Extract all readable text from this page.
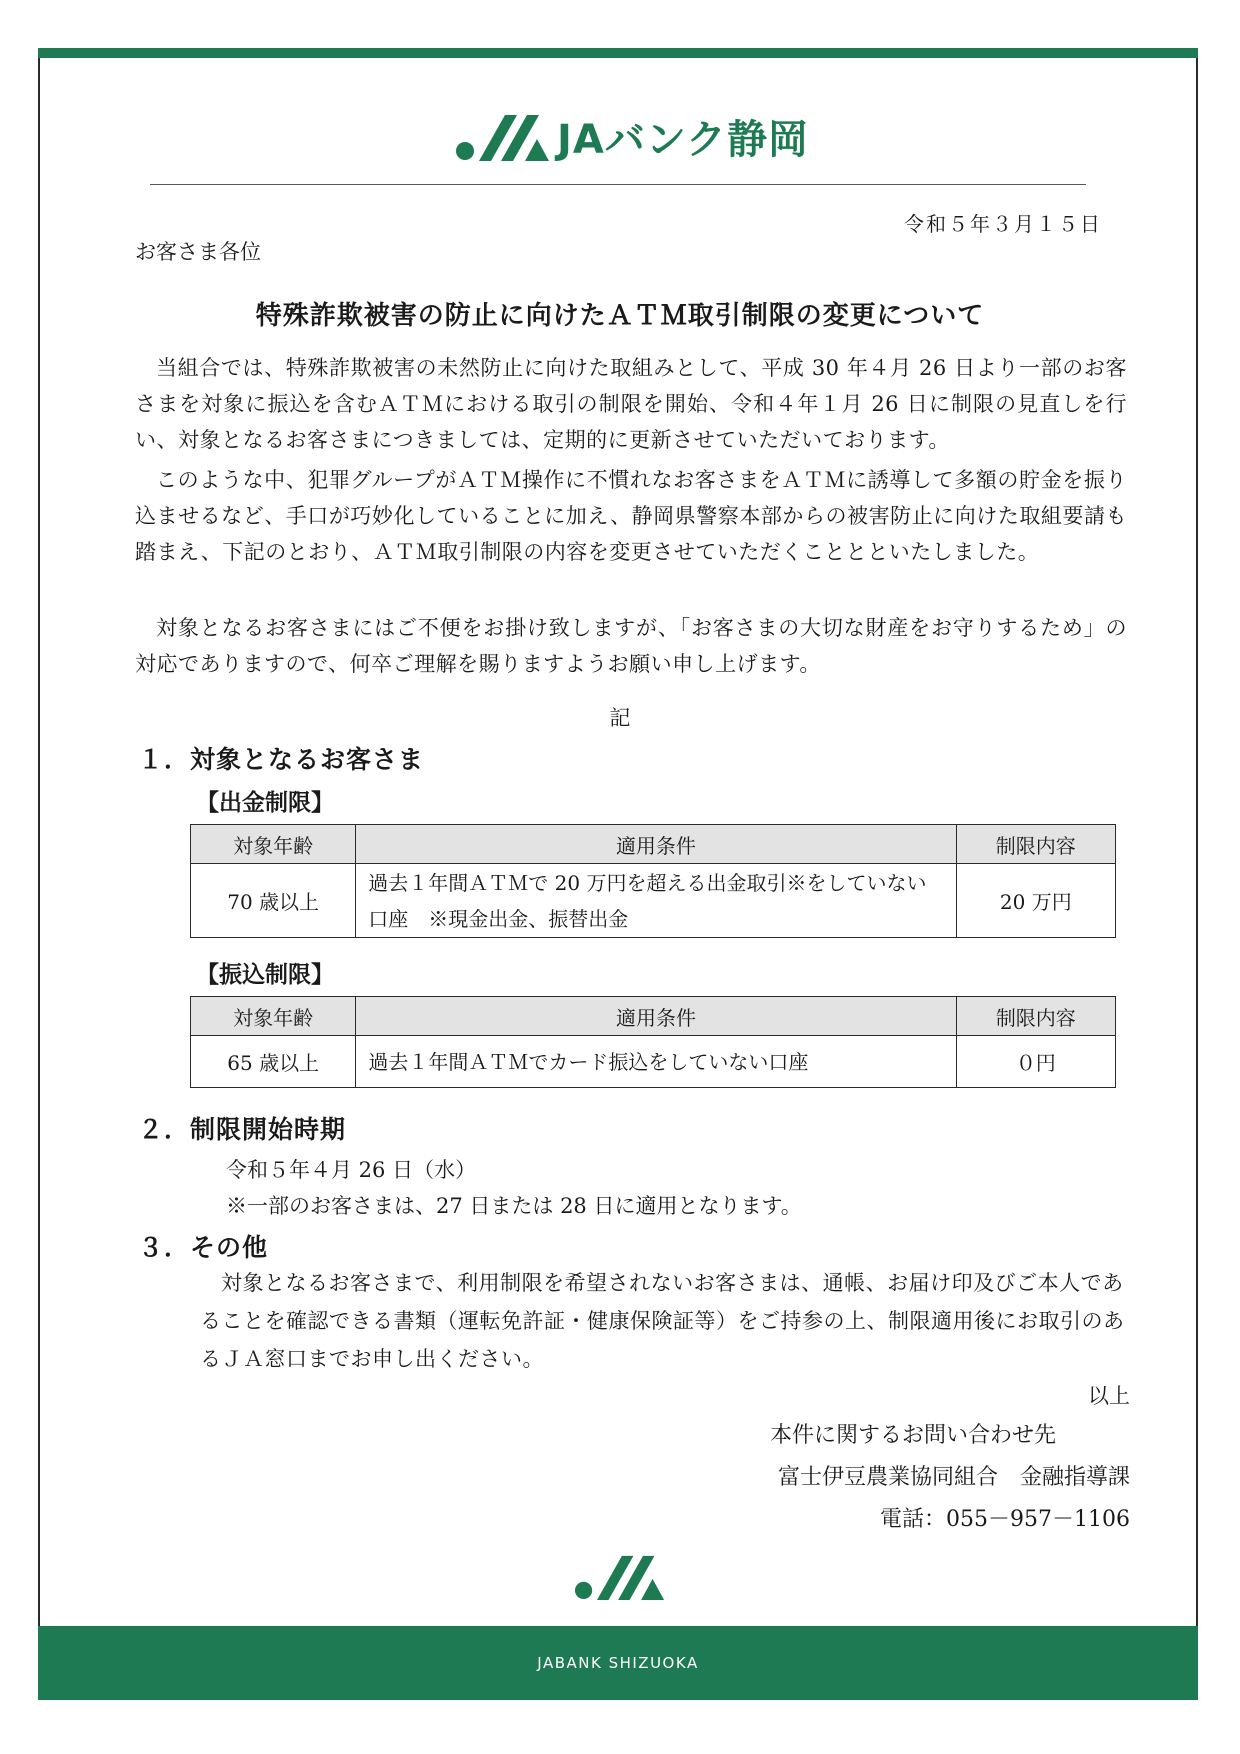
JAバンク静岡
令和５年３月１５日
お客さま各位
特殊詐欺被害の防止に向けたＡＴＭ取引制限の変更について
当組合では、特殊詐欺被害の未然防止に向けた取組みとして、平成 30 年４月 26 日より一部のお客さまを対象に振込を含むＡＴＭにおける取引の制限を開始、令和４年１月 26 日に制限の見直しを行い、対象となるお客さまにつきましては、定期的に更新させていただいております。
このような中、犯罪グループがＡＴＭ操作に不慣れなお客さまをＡＴＭに誘導して多額の貯金を振り込ませるなど、手口が巧妙化していることに加え、静岡県警察本部からの被害防止に向けた取組要請も踏まえ、下記のとおり、ＡＴＭ取引制限の内容を変更させていただくこととといたしました。
対象となるお客さまにはご不便をお掛け致しますが、「お客さまの大切な財産をお守りするため」の対応でありますので、何卒ご理解を賜りますようお願い申し上げます。
記
１．対象となるお客さま
【出金制限】
対象年齢	適用条件	制限内容
70 歳以上	過去１年間ＡＴＭで 20 万円を超える出金取引※をしていない口座　※現金出金、振替出金	20 万円
【振込制限】
対象年齢	適用条件	制限内容
65 歳以上	過去１年間ＡＴＭでカード振込をしていない口座	０円
２．制限開始時期
令和５年４月 26 日（水）
※一部のお客さまは、27 日または 28 日に適用となります。
３．その他
対象となるお客さまで、利用制限を希望されないお客さまは、通帳、お届け印及びご本人であることを確認できる書類（運転免許証・健康保険証等）をご持参の上、制限適用後にお取引のあるＪＡ窓口までお申し出ください。
以上
本件に関するお問い合わせ先
富士伊豆農業協同組合　金融指導課
電話：055－957－1106
JABANK SHIZUOKA
